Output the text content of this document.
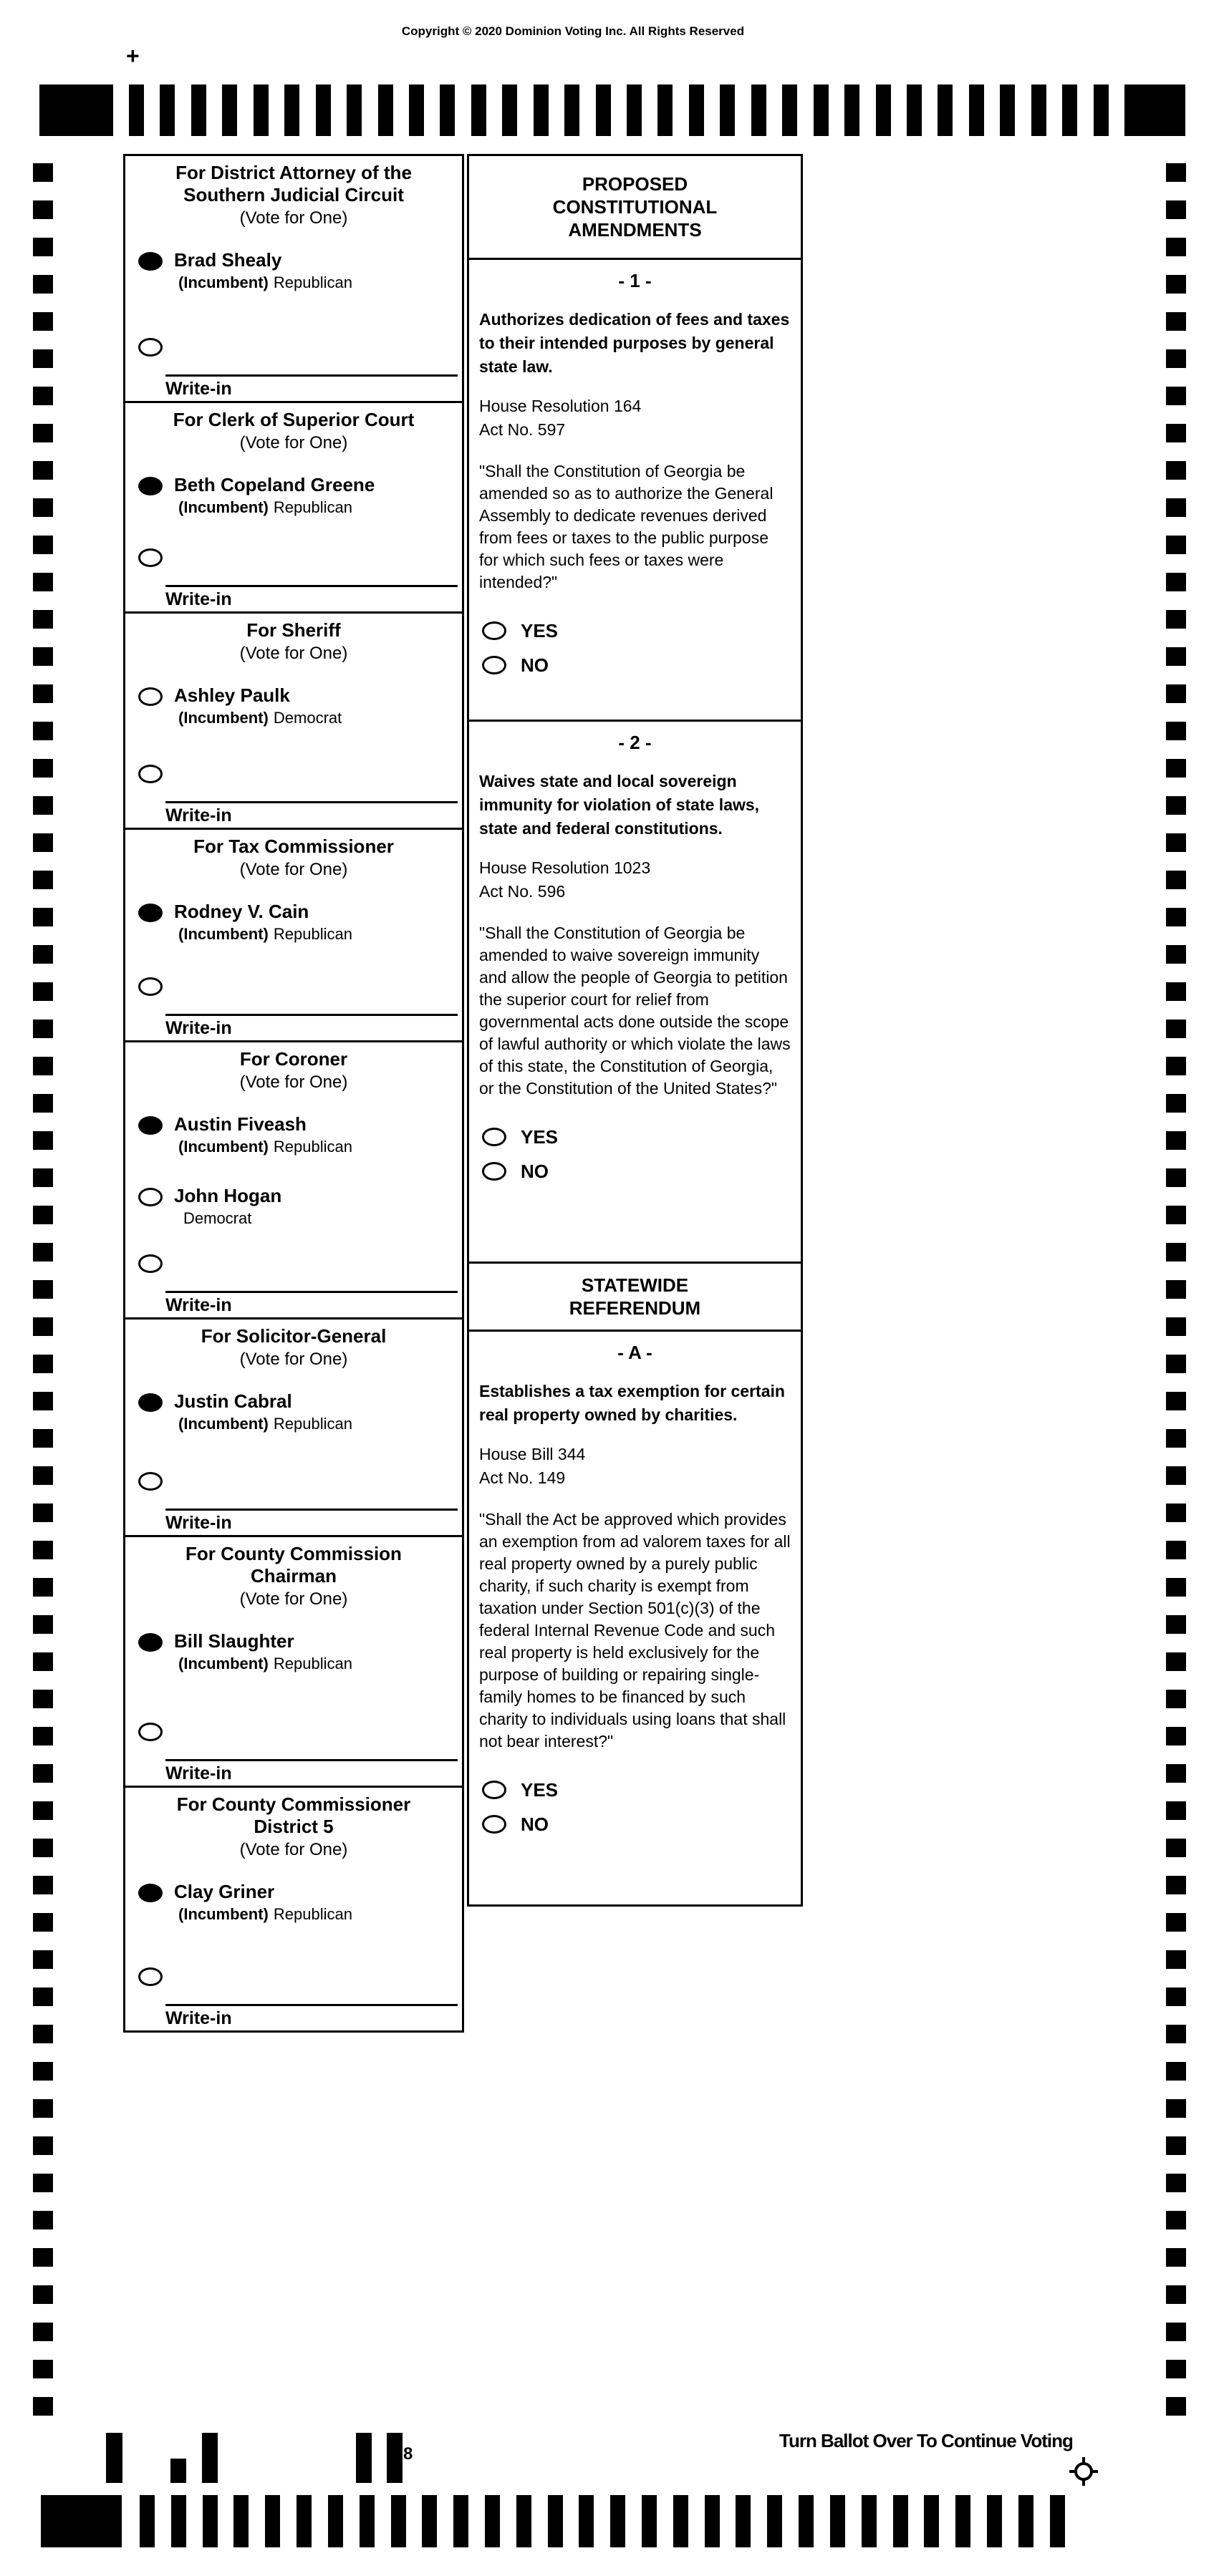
Copyright © 2020 Dominion Voting Inc. All Rights Reserved
+
For District Attorney of the
Southern Judicial Circuit
(Vote for One)
Brad Shealy
(Incumbent) Republican
Write-in
For Clerk of Superior Court
(Vote for One)
Beth Copeland Greene
(Incumbent) Republican
Write-in
For Sheriff
(Vote for One)
Ashley Paulk
(Incumbent) Democrat
Write-in
For Tax Commissioner
(Vote for One)
Rodney V. Cain
(Incumbent) Republican
Write-in
For Coroner
(Vote for One)
Austin Fiveash
(Incumbent) Republican
John Hogan
Democrat
Write-in
For Solicitor-General
(Vote for One)
Justin Cabral
(Incumbent) Republican
Write-in
For County Commission
Chairman
(Vote for One)
Bill Slaughter
(Incumbent) Republican
Write-in
For County Commissioner
District 5
(Vote for One)
Clay Griner
(Incumbent) Republican
Write-in
PROPOSED
CONSTITUTIONAL
AMENDMENTS
- 1 -
Authorizes dedication of fees and taxes to their intended purposes by general state law.
House Resolution 164
Act No. 597
"Shall the Constitution of Georgia be amended so as to authorize the General Assembly to dedicate revenues derived from fees or taxes to the public purpose for which such fees or taxes were intended?"
YES
NO
- 2 -
Waives state and local sovereign immunity for violation of state laws, state and federal constitutions.
House Resolution 1023
Act No. 596
"Shall the Constitution of Georgia be amended to waive sovereign immunity and allow the people of Georgia to petition the superior court for relief from governmental acts done outside the scope of lawful authority or which violate the laws of this state, the Constitution of Georgia, or the Constitution of the United States?"
YES
NO
STATEWIDE
REFERENDUM
- A -
Establishes a tax exemption for certain real property owned by charities.
House Bill 344
Act No. 149
"Shall the Act be approved which provides an exemption from ad valorem taxes for all real property owned by a purely public charity, if such charity is exempt from taxation under Section 501(c)(3) of the federal Internal Revenue Code and such real property is held exclusively for the purpose of building or repairing single-family homes to be financed by such charity to individuals using loans that shall not bear interest?"
YES
NO
8
Turn Ballot Over To Continue Voting
